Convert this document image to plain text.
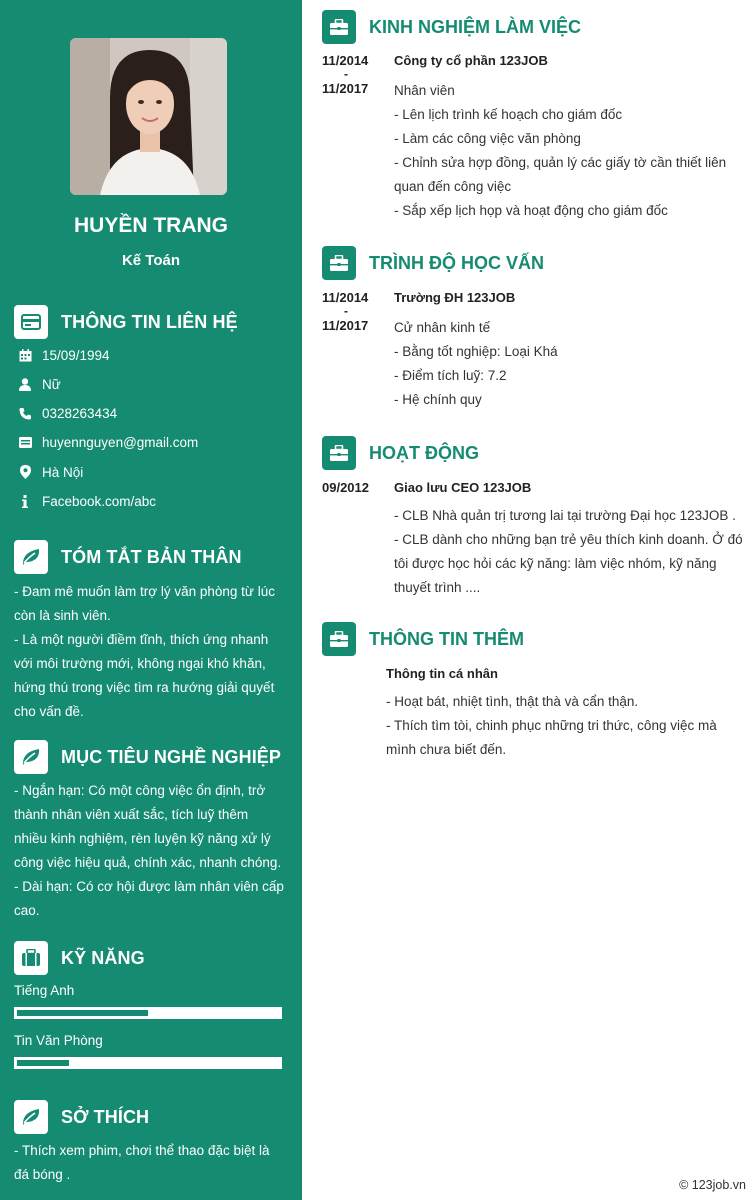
HUYỀN TRANG
Kế Toán
THÔNG TIN LIÊN HỆ
15/09/1994
Nữ
0328263434
huyennguyen@gmail.com
Hà Nội
Facebook.com/abc
TÓM TẮT BẢN THÂN
- Đam mê muốn làm trợ lý văn phòng từ lúc
còn là sinh viên.
- Là một người điềm tĩnh, thích ứng nhanh
với môi trường mới, không ngại khó khăn,
hứng thú trong việc tìm ra hướng giải quyết
cho vấn đề.
MỤC TIÊU NGHỀ NGHIỆP
- Ngắn hạn: Có một công việc ổn định, trở
thành nhân viên xuất sắc, tích luỹ thêm
nhiều kinh nghiệm, rèn luyện kỹ năng xử lý
công việc hiệu quả, chính xác, nhanh chóng.
- Dài hạn: Có cơ hội được làm nhân viên cấp
cao.
KỸ NĂNG
Tiếng Anh
Tin Văn Phòng
SỞ THÍCH
- Thích xem phim, chơi thể thao đặc biệt là
đá bóng .
KINH NGHIỆM LÀM VIỆC
11/2014
-
11/2017
Công ty cổ phần 123JOB
Nhân viên
- Lên lịch trình kế hoạch cho giám đốc
- Làm các công việc văn phòng
- Chỉnh sửa hợp đồng, quản lý các giấy tờ cần thiết liên
quan đến công việc
- Sắp xếp lịch họp và hoạt động cho giám đốc
TRÌNH ĐỘ HỌC VẤN
11/2014
-
11/2017
Trường ĐH 123JOB
Cử nhân kinh tế
- Bằng tốt nghiệp: Loại Khá
- Điểm tích luỹ: 7.2
- Hệ chính quy
HOẠT ĐỘNG
09/2012 Giao lưu CEO 123JOB
- CLB Nhà quản trị tương lai tại trường Đại học 123JOB .
- CLB dành cho những bạn trẻ yêu thích kinh doanh. Ở đó
tôi được học hỏi các kỹ năng: làm việc nhóm, kỹ năng
thuyết trình ....
THÔNG TIN THÊM
Thông tin cá nhân
- Hoạt bát, nhiệt tình, thật thà và cẩn thận.
- Thích tìm tòi, chinh phục những tri thức, công việc mà
mình chưa biết đến.
© 123job.vn
